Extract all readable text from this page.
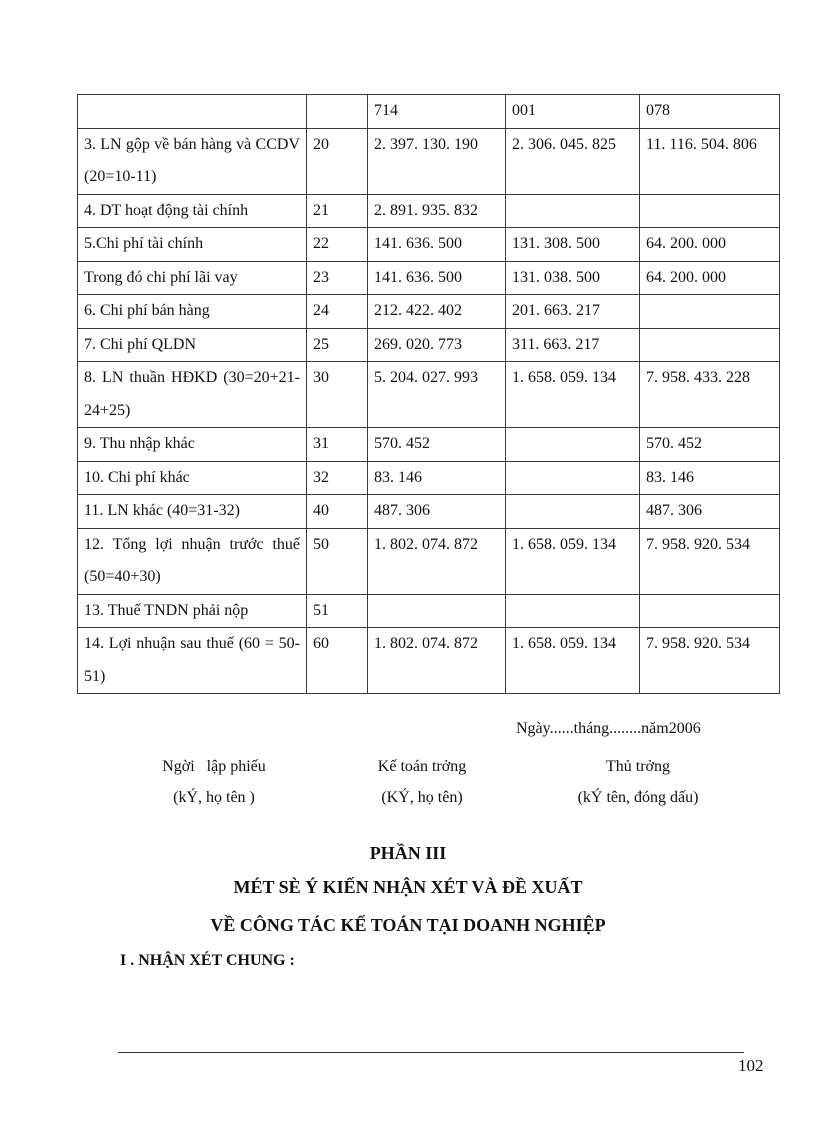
		714	001	078
3. LN gộp về bán hàng và CCDV (20=10-11)	20	2. 397. 130. 190	2. 306. 045. 825	11. 116. 504. 806
4. DT hoạt động tài chính	21	2. 891. 935. 832		
5.Chi phí tài chính	22	141. 636. 500	131. 308. 500	64. 200. 000
Trong đó chi phí lãi vay	23	141. 636. 500	131. 038. 500	64. 200. 000
6. Chi phí bán hàng	24	212. 422. 402	201. 663. 217	
7. Chi phí QLDN	25	269. 020. 773	311. 663. 217	
8. LN thuần HĐKD (30=20+21-24+25)	30	5. 204. 027. 993	1. 658. 059. 134	7. 958. 433. 228
9. Thu nhập khác	31	570. 452		570. 452
10. Chi phí khác	32	83. 146		83. 146
11. LN khác (40=31-32)	40	487. 306		487. 306
12. Tổng lợi nhuận trước thuế (50=40+30)	50	1. 802. 074. 872	1. 658. 059. 134	7. 958. 920. 534
13. Thuế TNDN phải nộp	51			
14. Lợi nhuận sau thuế (60 = 50-51)	60	1. 802. 074. 872	1. 658. 059. 134	7. 958. 920. 534
Ngày......tháng........năm2006
Ngời   lập phiếu
(kÝ, họ tên )
Kế toán trởng
(KÝ, họ tên)
Thủ trởng
(kÝ tên, đóng dấu)
PHẦN III
MÉT SÈ Ý KIẾN NHẬN XÉT VÀ ĐỀ XUẤT
VỀ CÔNG TÁC KẾ TOÁN TẠI DOANH NGHIỆP
I . NHẬN XÉT CHUNG :
102
